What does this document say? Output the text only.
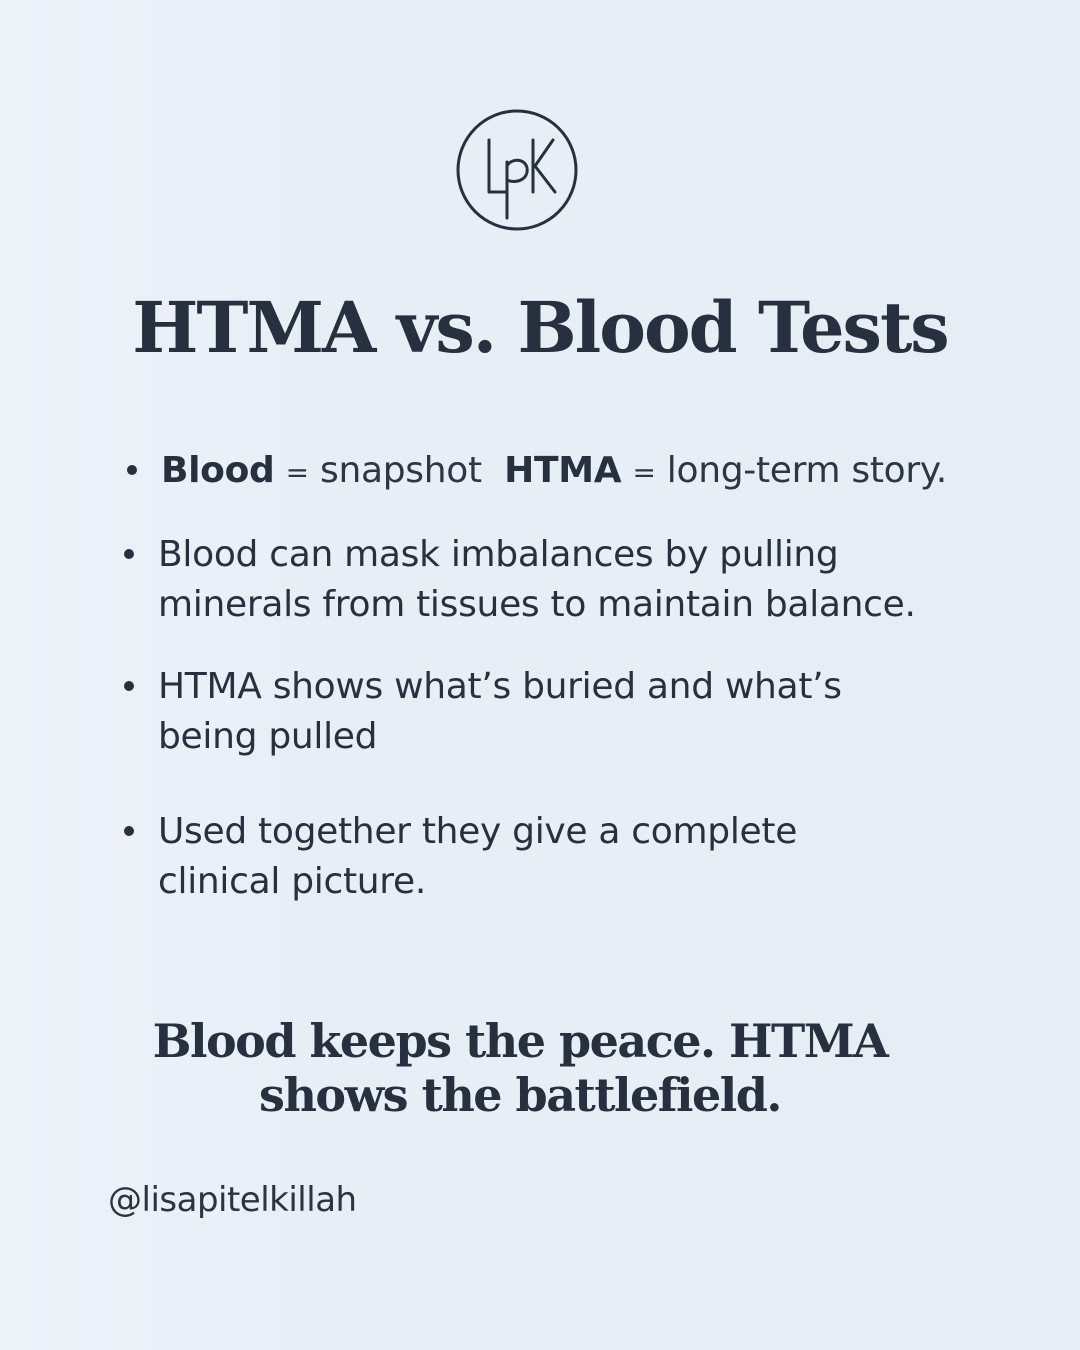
HTMA vs. Blood Tests
Blood = snapshot HTMA = long-term story.
Blood can mask imbalances by pulling
minerals from tissues to maintain balance.
HTMA shows what’s buried and what’s
being pulled
Used together they give a complete
clinical picture.
Blood keeps the peace. HTMA
shows the battlefield.
@lisapitelkillah
